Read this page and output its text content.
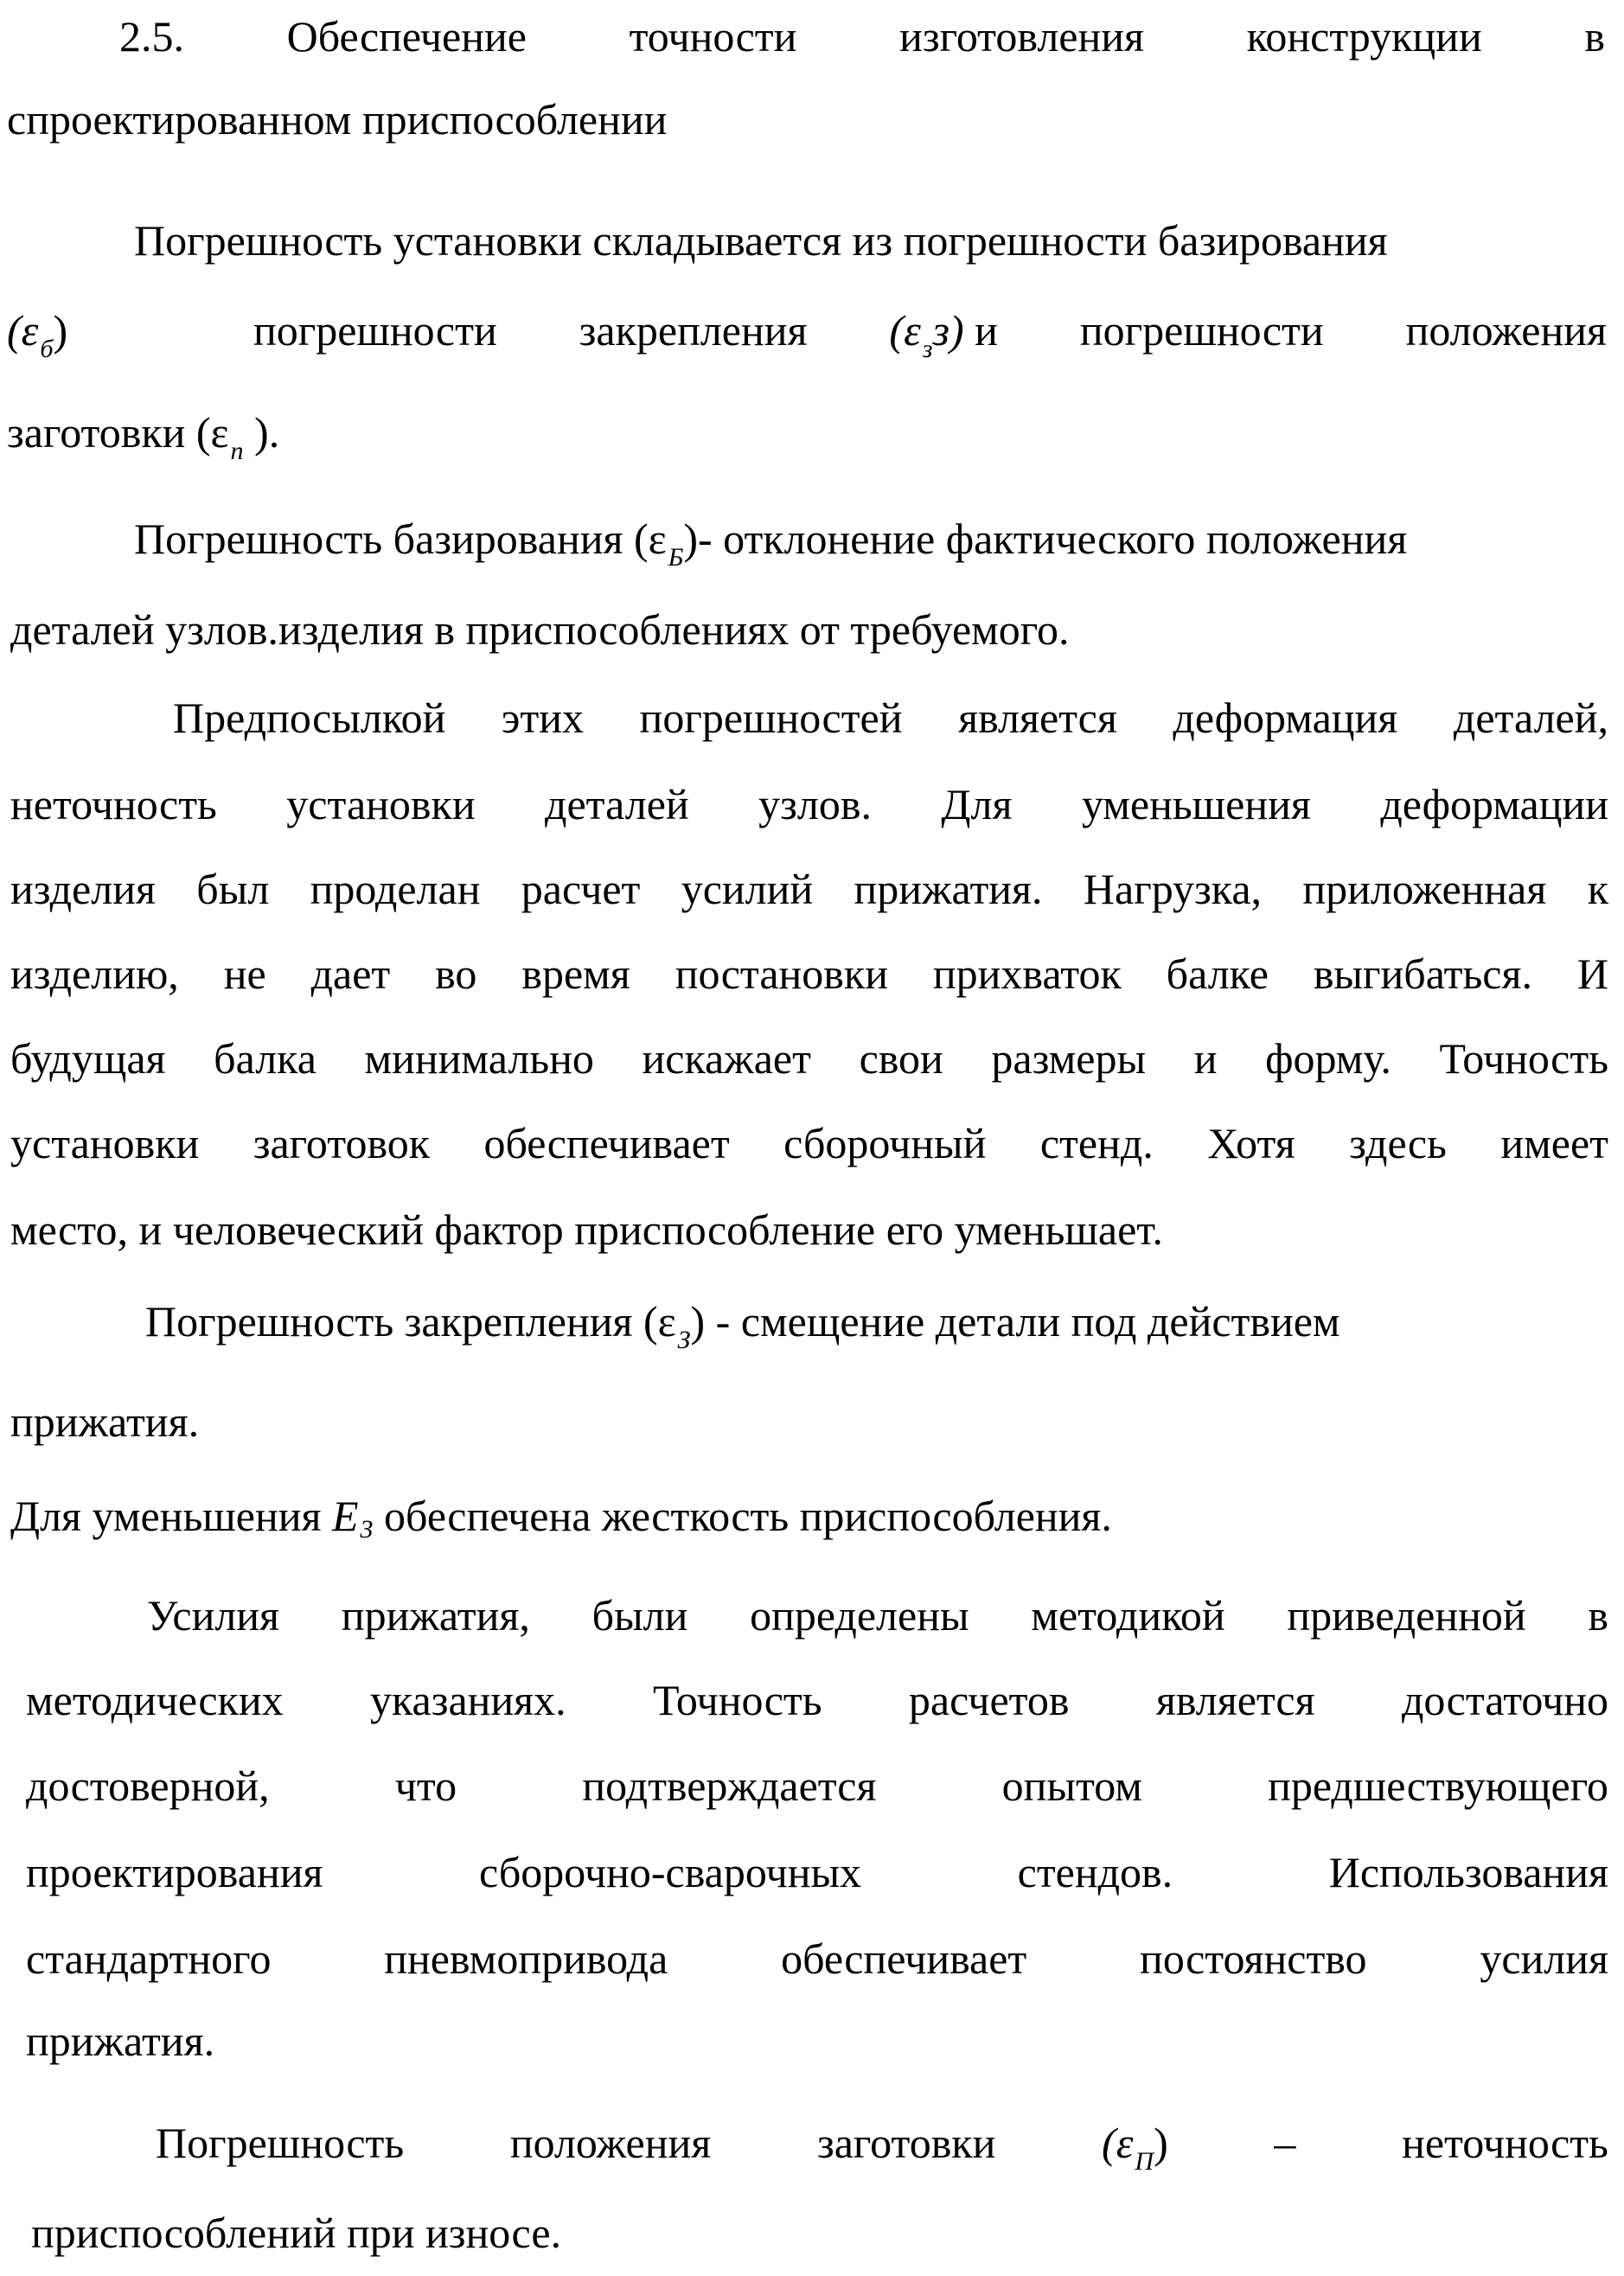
2.5. Обеспечение точности изготовления конструкции в
спроектированном приспособлении
Погрешность установки складывается из погрешности базирования
(εб)	погрешности закрепления (εзз) и погрешности положения
заготовки ($\varepsilon_п$ ).
Погрешность базирования $(\varepsilon_Б)-$ отклонение фактического положения
деталей узлов.изделия в приспособлениях от требуемого.
Предпосылкой этих погрешностей является деформация деталей,
неточность установки деталей узлов. Для уменьшения деформации
изделия был проделан расчет усилий прижатия. Нагрузка, приложенная к
изделию, не дает во время постановки прихваток балке выгибаться. И
будущая балка минимально искажает свои размеры и форму. Точность
установки заготовок обеспечивает сборочный стенд. Хотя здесь имеет
место, и человеческий фактор приспособление его уменьшает.
Погрешность закрепления $(\varepsilon_З)$ - смещение детали под действием
прижатия.
Для уменьшения E3 обеспечена жесткость приспособления.
Усилия прижатия, были определены методикой приведенной в
методических указаниях. Точность расчетов является достаточно
достоверной, что подтверждается опытом предшествующего
проектирования сборочно-сварочных стендов. Использования
стандартного пневмопривода обеспечивает постоянство усилия
прижатия.
Погрешность положения заготовки (εП) – неточность
приспособлений при износе.
